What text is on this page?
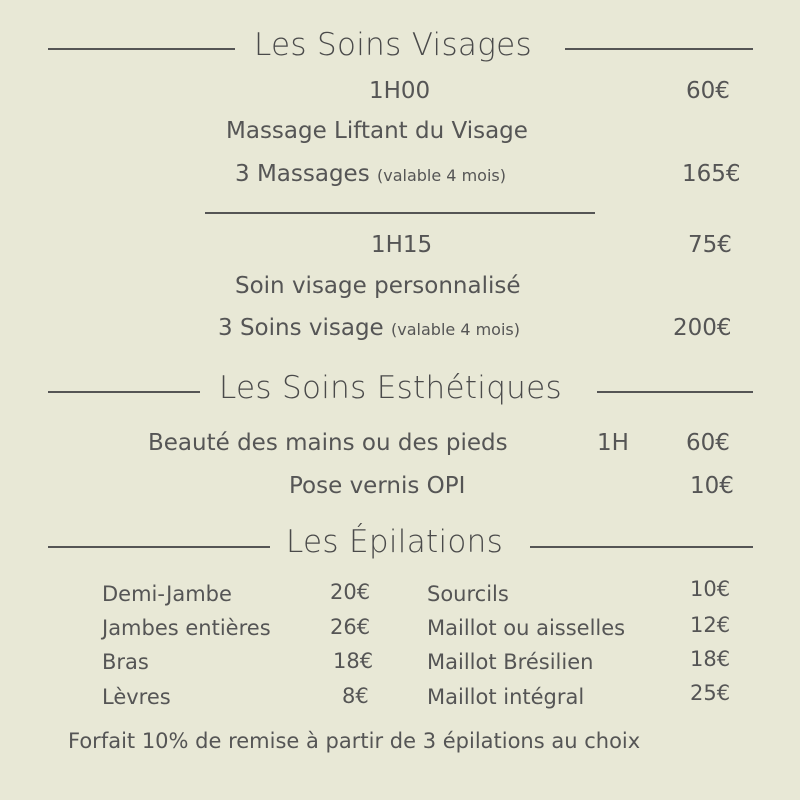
Les Soins Visages
1H00	60€
Massage Liftant du Visage
3 Massages (valable 4 mois)	165€
1H15	75€
Soin visage personnalisé
3 Soins visage (valable 4 mois)	200€
Les Soins Esthétiques
Beauté des mains ou des pieds	1H 60€
Pose vernis OPI	10€
Les Épilations
Demi-Jambe	20€
Jambes entières	26€
Bras	18€
Lèvres	8€
Sourcils	10€
Maillot ou aisselles	12€
Maillot Brésilien	18€
Maillot intégral	25€
Forfait 10% de remise à partir de 3 épilations au choix
